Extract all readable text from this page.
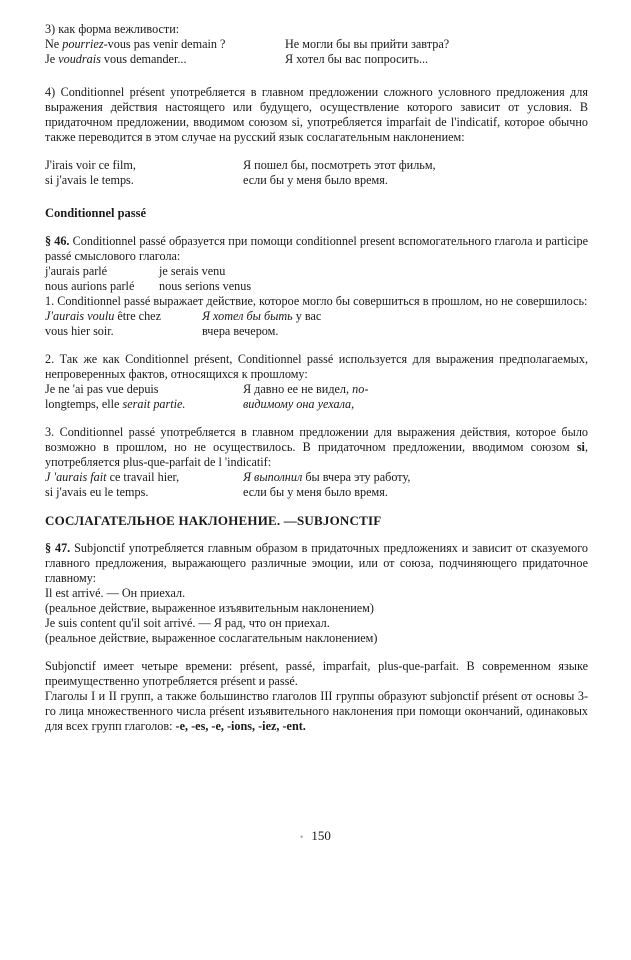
3) как форма вежливости:

Ne pourriez-vous pas venir demain ?	Не могли бы вы прийти завтра?
Je voudrais vous demander...	Я хотел бы вас попросить...

4) Conditionnel présent употребляется в главном предложении сложного условного предложения для выражения действия настоящего или будущего, осуществление которого зависит от условия. В придаточном предложении, вводимом союзом si, употребляется imparfait de l'indicatif, которое обычно также переводится в этом случае на русский язык сослагательным наклонением:

J'irais voir ce film,	Я пошел бы, посмотреть этот фильм,
si j'avais le temps.	если бы у меня было время.

Conditionnel passé

§ 46. Conditionnel passé образуется при помощи conditionnel present вспомогательного глагола и participe passé смыслового глагола:

j'aurais parlé	je serais venu
nous aurions parlé	nous serions venus

1. Conditionnel passé выражает действие, которое могло бы совершиться в прошлом, но не совершилось:

J'aurais voulu être chez	Я хотел бы быть у вас
vous hier soir.	вчера вечером.

2. Так же как Conditionnel présent, Conditionnel passé используется для выражения предполагаемых, непроверенных фактов, относящихся к прошлому:

Je ne 'ai pas vue depuis	Я давно ее не видел, по-
longtemps, elle serait partie.	видимому она уехала,

3. Conditionnel passé употребляется в главном предложении для выражения действия, которое было возможно в прошлом, но не осуществилось. В придаточном предложении, вводимом союзом si, употребляется plus-que-parfait de l 'indicatif:

J 'aurais fait ce travail hier,	Я выполнил бы вчера эту работу,
si j'avais eu le temps.	если бы у меня было время.

СОСЛАГАТЕЛЬНОЕ НАКЛОНЕНИЕ. —SUBJONCTIF

§ 47. Subjonctif употребляется главным образом в придаточных предложениях и зависит от сказуемого главного предложения, выражающего различные эмоции, или от союза, подчиняющего придаточное главному:

Il est arrivé. — Он приехал.

(реальное действие, выраженное изъявительным наклонением)

Je suis content qu'il soit arrivé. — Я рад, что он приехал.

(реальное действие, выраженное сослагательным наклонением)

Subjonctif имеет четыре времени: présent, passé, imparfait, plus-que-parfait. В современном языке преимущественно употребляется présent и passé.

Глаголы I и II групп, а также большинство глаголов III группы образуют subjonctif présent от основы 3-го лица множественного числа présent изъявительного наклонения при помощи окончаний, одинаковых для всех групп глаголов: -e, -es, -e, -ions, -iez, -ent.

• 150
